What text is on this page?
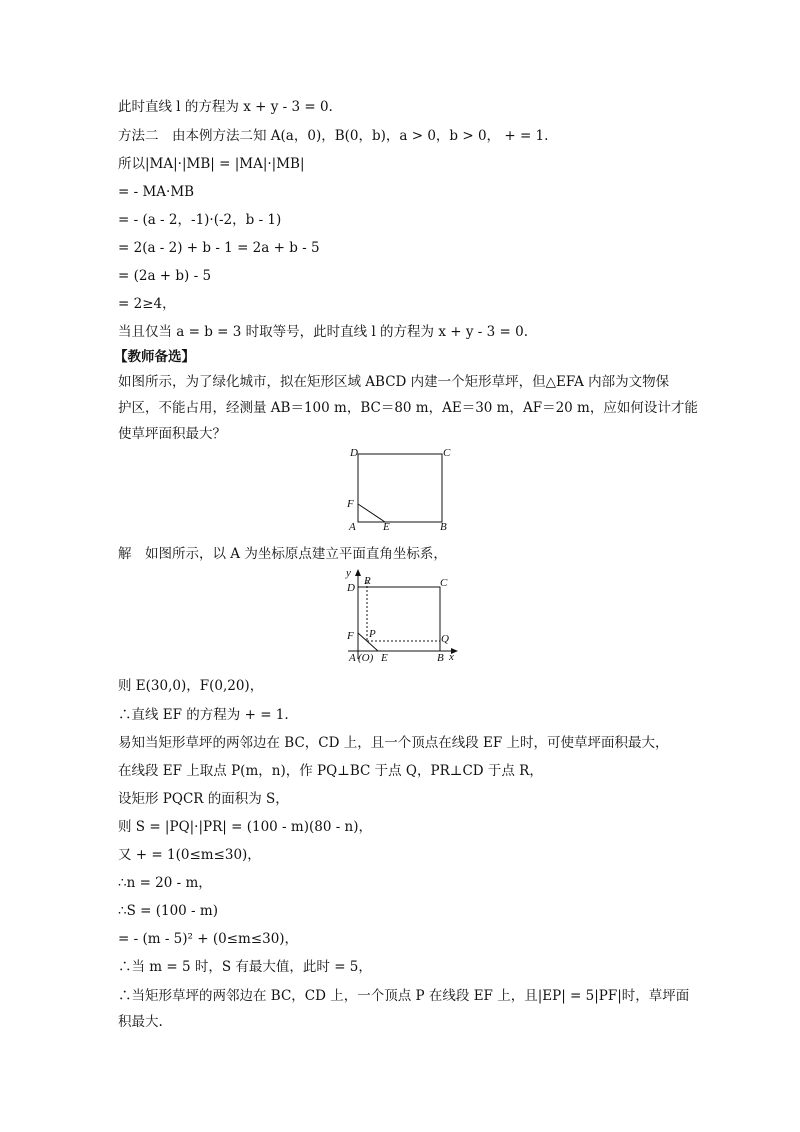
此时直线 l 的方程为 x + y - 3 = 0.
方法二　由本例方法二知 A(a，0)，B(0，b)，a > 0，b > 0， + = 1.
所以|MA|·|MB| = |MA|·|MB|
= - MA·MB
= - (a - 2，-1)·(-2，b - 1)
= 2(a - 2) + b - 1 = 2a + b - 5
= (2a + b) - 5
= 2≥4，
当且仅当 a = b = 3 时取等号，此时直线 l 的方程为 x + y - 3 = 0.
【教师备选】
如图所示，为了绿化城市，拟在矩形区域 ABCD 内建一个矩形草坪，但△EFA 内部为文物保
护区，不能占用，经测量 AB＝100 m，BC＝80 m，AE＝30 m，AF＝20 m，应如何设计才能
使草坪面积最大？
D	C
F
A E	B
解　如图所示，以 A 为坐标原点建立平面直角坐标系，
y
R	C
D
F P	Q
A (O) E	B x
则 E(30,0)，F(0,20)，
∴直线 EF 的方程为 + = 1.
易知当矩形草坪的两邻边在 BC，CD 上，且一个顶点在线段 EF 上时，可使草坪面积最大，
在线段 EF 上取点 P(m，n)，作 PQ⊥BC 于点 Q，PR⊥CD 于点 R，
设矩形 PQCR 的面积为 S，
则 S = |PQ|·|PR| = (100 - m)(80 - n)，
又 + = 1(0≤m≤30)，
∴n = 20 - m，
∴S = (100 - m)
= - (m - 5)² + (0≤m≤30)，
∴当 m = 5 时，S 有最大值，此时 = 5，
∴当矩形草坪的两邻边在 BC，CD 上，一个顶点 P 在线段 EF 上，且|EP| = 5|PF|时，草坪面
积最大.
